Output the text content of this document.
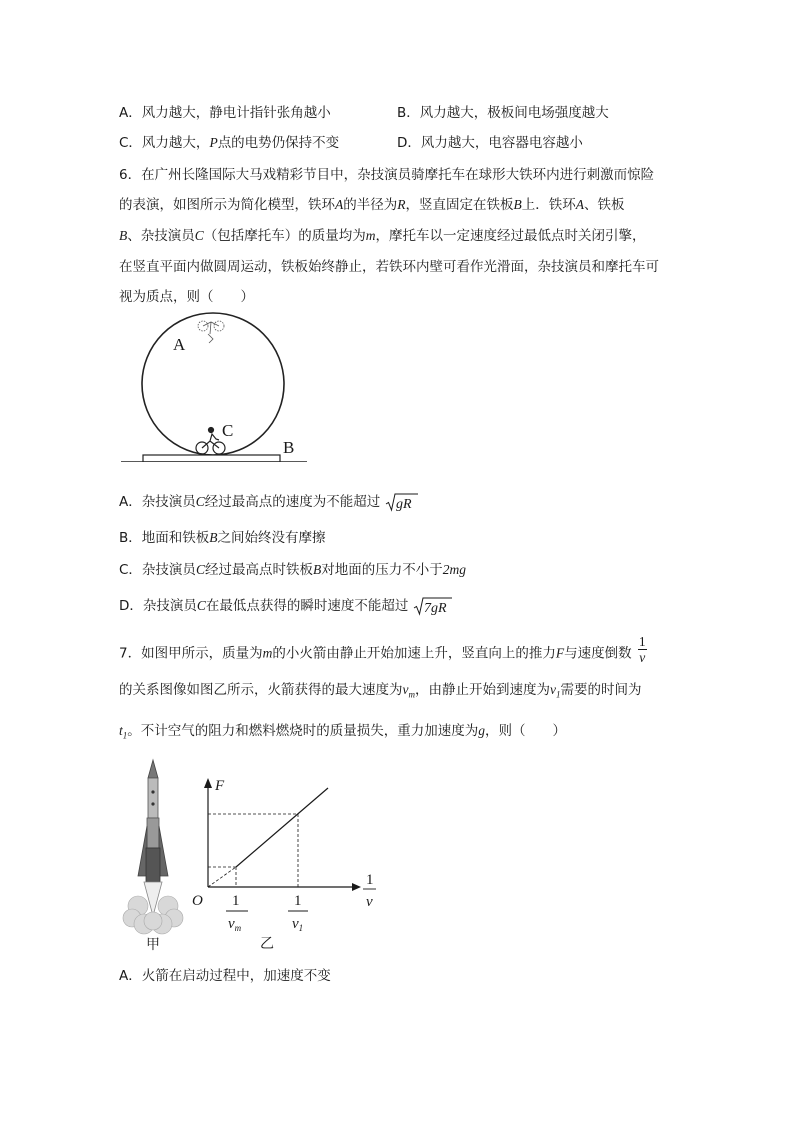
A．风力越大，静电计指针张角越小	B．风力越大，极板间电场强度越大
C．风力越大，P点的电势仍保持不变	D．风力越大，电容器电容越小
6．在广州长隆国际大马戏精彩节目中，杂技演员骑摩托车在球形大铁环内进行刺激而惊险
的表演，如图所示为简化模型，铁环A的半径为R，竖直固定在铁板B上．铁环A、铁板
B、杂技演员C（包括摩托车）的质量均为m，摩托车以一定速度经过最低点时关闭引擎，
在竖直平面内做圆周运动，铁板始终静止，若铁环内壁可看作光滑面，杂技演员和摩托车可
视为质点，则（　　）
A
C
B
A．杂技演员C经过最高点的速度为不能超过 gR
B．地面和铁板B之间始终没有摩擦
C．杂技演员C经过最高点时铁板B对地面的压力不小于2mg
D．杂技演员C在最低点获得的瞬时速度不能超过 7gR
7．如图甲所示，质量为m的小火箭由静止开始加速上升，竖直向上的推力F与速度倒数 $\frac{1}{v}$
的关系图像如图乙所示，火箭获得的最大速度为$v_m$，由静止开始到速度为$v_1$需要的时间为
$t_1$。不计空气的阻力和燃料燃烧时的质量损失，重力加速度为g，则（　　）
甲
F
O
1
v
1
$v_m$
1
$v_1$
乙
A．火箭在启动过程中，加速度不变
